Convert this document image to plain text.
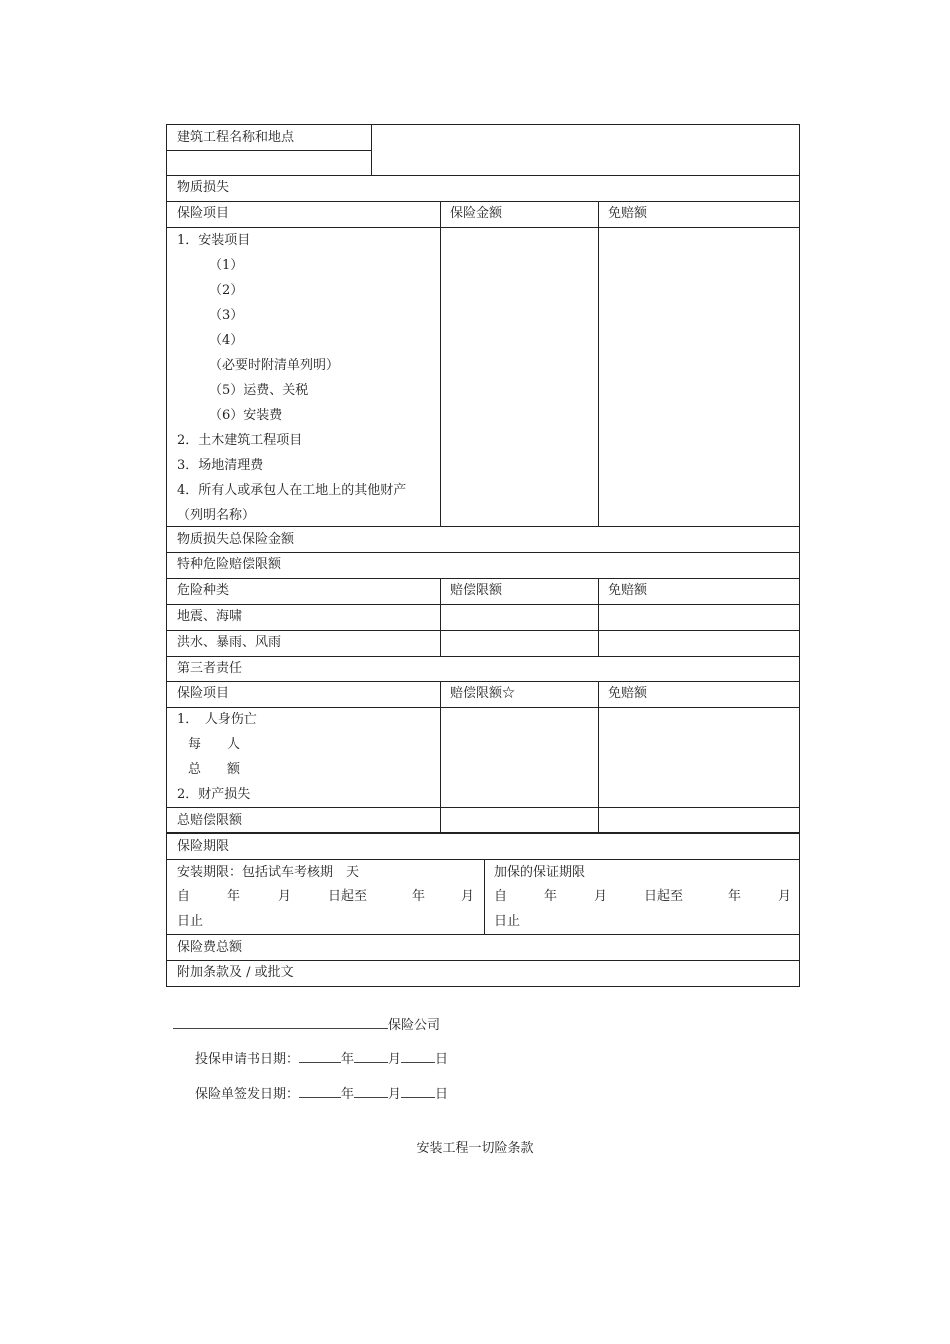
建筑工程名称和地点
物质损失
保险项目	保险金额	免赔额
1．安装项目
（1）
（2）
（3）
（4）
（必要时附清单列明）
（5）运费、关税
（6）安装费
2．土木建筑工程项目
3．场地清理费
4．所有人或承包人在工地上的其他财产
（列明名称）
物质损失总保险金额
特种危险赔偿限额
危险种类	赔偿限额	免赔额
地震、海啸
洪水、暴雨、风雨
第三者责任
保险项目	赔偿限额☆	免赔额
1．　人身伤亡
每　　人
总　　额
2．财产损失
总赔偿限额
保险期限
安装期限：包括试车考核期　天
自	年	月	日起至	年	月
日止
加保的保证期限
自	年	月	日起至	年	月
日止
保险费总额
附加条款及 / 或批文
保险公司
投保申请书日期：	年	月	日
保险单签发日期：	年	月	日
安装工程一切险条款
